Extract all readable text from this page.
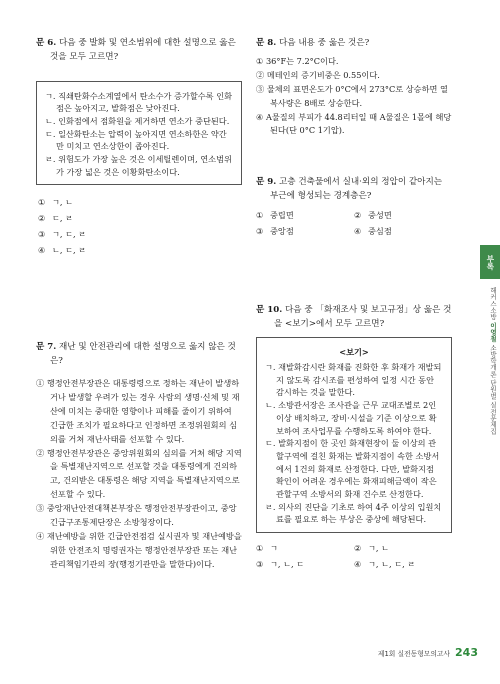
문 6. 다음 중 발화 및 연소범위에 대한 설명으로 옳은 것을 모두 고르면?

ㄱ. 직쇄탄화수소계열에서 탄소수가 증가할수록 인화점은 높아지고, 발화점은 낮아진다.

ㄴ. 인화점에서 점화원을 제거하면 연소가 중단된다.

ㄷ. 일산화탄소는 압력이 높아지면 연소하한은 약간만 미치고 연소상한이 좁아진다.

ㄹ. 위험도가 가장 높은 것은 이세틸렌이며, 연소범위가 가장 넓은 것은 이황화탄소이다.

① ㄱ, ㄴ
② ㄷ, ㄹ
③ ㄱ, ㄷ, ㄹ
④ ㄴ, ㄷ, ㄹ

문 7. 재난 및 안전관리에 대한 설명으로 옳지 않은 것은?

① 행정안전부장관은 대통령령으로 정하는 재난이 발생하거나 발생할 우려가 있는 경우 사람의 생명·신체 및 재산에 미치는 중대한 영향이나 피해를 줄이기 위하여 긴급한 조치가 필요하다고 인정하면 조정위원회의 심의를 거쳐 재난사태를 선포할 수 있다.

② 행정안전부장관은 중앙위원회의 심의를 거쳐 해당 지역을 특별재난지역으로 선포할 것을 대통령에게 건의하고, 건의받은 대통령은 해당 지역을 특별재난지역으로 선포할 수 있다.

③ 중앙재난안전대책본부장은 행정안전부장관이고, 중앙긴급구조통제단장은 소방청장이다.

④ 재난예방을 위한 긴급안전점검 실시권자 및 재난예방을 위한 안전조치 명령권자는 행정안전부장관 또는 재난관리책임기관의 장(행정기관만을 말한다)이다.

문 8. 다음 내용 중 옳은 것은?

① 36°F는 7.2°C이다.

② 메테인의 증기비중은 0.55이다.

③ 물체의 표면온도가 0°C에서 273°C로 상승하면 열복사량은 8배로 상승한다.

④ A물질의 부피가 44.8리터일 때 A물질은 1몰에 해당된다(단 0°C 1기압).

문 9. 고층 건축물에서 실내·외의 정압이 같아지는 부근에 형성되는 경계층은?

① 중립면	② 중성면
③ 중앙점	④ 중심점

문 10. 다음 중 「화재조사 및 보고규정」상 옳은 것을 <보기>에서 모두 고르면?

<보기>

ㄱ. 재발화감시란 화재를 진화한 후 화재가 재발되지 않도록 감시조를 편성하여 일정 시간 동안 감시하는 것을 말한다.

ㄴ. 소방관서장은 조사관을 근무 교대조별로 2인 이상 배치하고, 장비·시설을 기준 이상으로 확보하여 조사업무를 수행하도록 하여야 한다.

ㄷ. 발화지점이 한 곳인 화재현장이 둘 이상의 관할구역에 걸친 화재는 발화지점이 속한 소방서에서 1건의 화재로 산정한다. 다만, 발화지점 확인이 어려운 경우에는 화재피해금액이 작은 관할구역 소방서의 화재 건수로 산정한다.

ㄹ. 의사의 진단을 기초로 하여 4주 이상의 입원치료를 필요로 하는 부상은 중상에 해당된다.

① ㄱ	② ㄱ, ㄴ
③ ㄱ, ㄴ, ㄷ	④ ㄱ, ㄴ, ㄷ, ㄹ
부록
해커스소방 이영철 소방학개론 단원별 실전문제집
제1회 실전동형모의고사 243
